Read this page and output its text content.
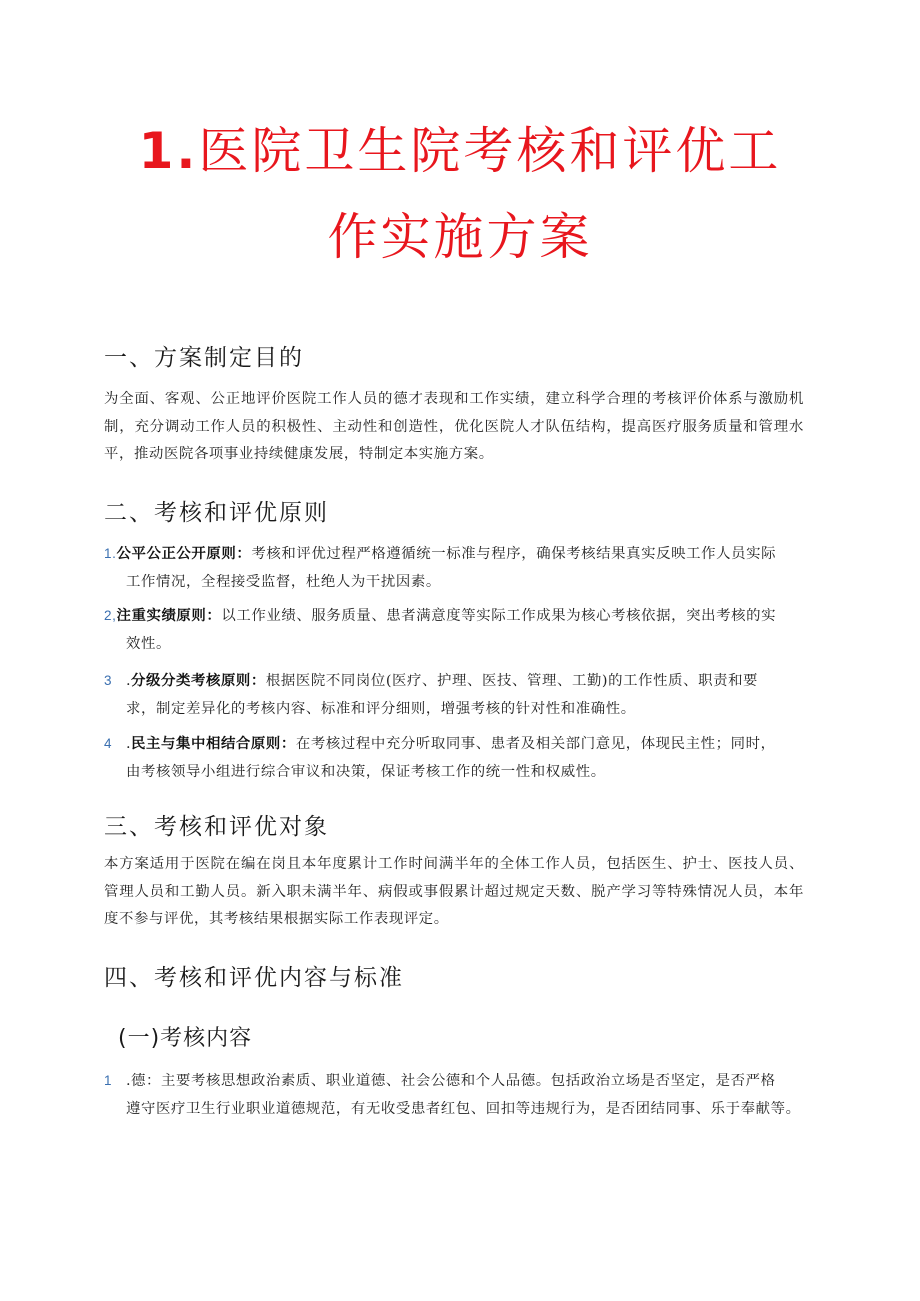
1.医院卫生院考核和评优工
作实施方案
一、方案制定目的
为全面、客观、公正地评价医院工作人员的德才表现和工作实绩，建立科学合理的考核评价体系与激励机制，充分调动工作人员的积极性、主动性和创造性，优化医院人才队伍结构，提高医疗服务质量和管理水平，推动医院各项事业持续健康发展，特制定本实施方案。
二、考核和评优原则
1.公平公正公开原则：考核和评优过程严格遵循统一标准与程序，确保考核结果真实反映工作人员实际
工作情况，全程接受监督，杜绝人为干扰因素。
2,注重实绩原则：以工作业绩、服务质量、患者满意度等实际工作成果为核心考核依据，突出考核的实
效性。
3 .分级分类考核原则：根据医院不同岗位(医疗、护理、医技、管理、工勤)的工作性质、职责和要
求，制定差异化的考核内容、标准和评分细则，增强考核的针对性和准确性。
4 .民主与集中相结合原则：在考核过程中充分听取同事、患者及相关部门意见，体现民主性；同时，
由考核领导小组进行综合审议和决策，保证考核工作的统一性和权威性。
三、考核和评优对象
本方案适用于医院在编在岗且本年度累计工作时间满半年的全体工作人员，包括医生、护士、医技人员、管理人员和工勤人员。新入职未满半年、病假或事假累计超过规定天数、脱产学习等特殊情况人员，本年度不参与评优，其考核结果根据实际工作表现评定。
四、考核和评优内容与标准
(一)考核内容
1 .德：主要考核思想政治素质、职业道德、社会公德和个人品德。包括政治立场是否坚定，是否严格
遵守医疗卫生行业职业道德规范，有无收受患者红包、回扣等违规行为，是否团结同事、乐于奉献等。
